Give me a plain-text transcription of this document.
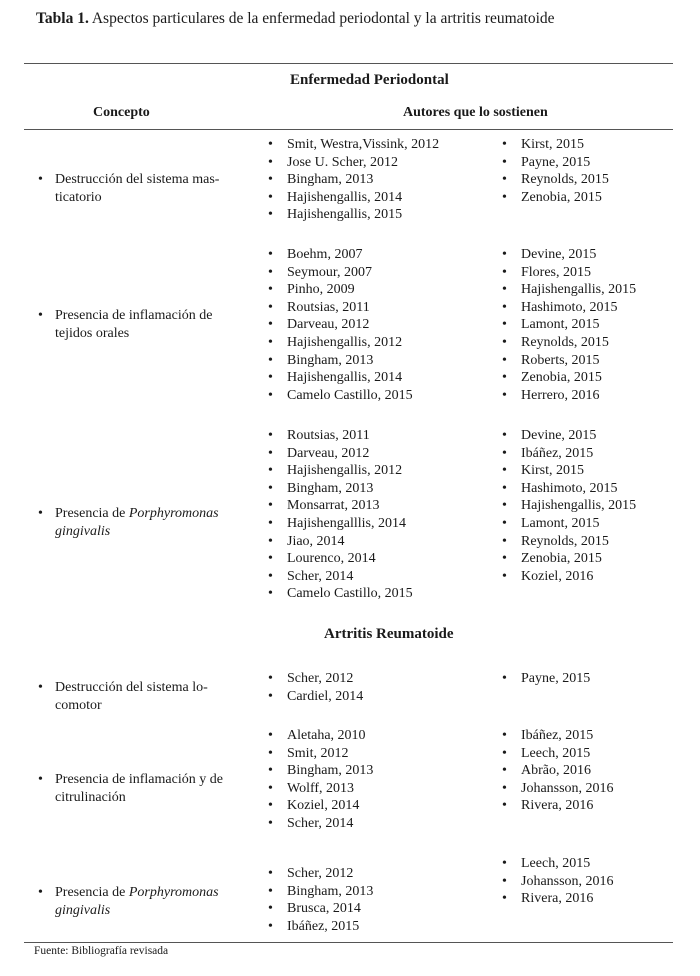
Tabla 1. Aspectos particulares de la enfermedad periodontal y la artritis reumatoide
Enfermedad Periodontal
Concepto	Autores que lo sostienen
Artritis Reumatoide
• Destrucción del sistema mas-
ticatorio
• Smit, Westra,Vissink, 2012
• Jose U. Scher, 2012
• Bingham, 2013
• Hajishengallis, 2014
• Hajishengallis, 2015
• Kirst, 2015
• Payne, 2015
• Reynolds, 2015
• Zenobia, 2015
• Presencia de inflamación de
tejidos orales
• Boehm, 2007
• Seymour, 2007
• Pinho, 2009
• Routsias, 2011
• Darveau, 2012
• Hajishengallis, 2012
• Bingham, 2013
• Hajishengallis, 2014
• Camelo Castillo, 2015
• Devine, 2015
• Flores, 2015
• Hajishengallis, 2015
• Hashimoto, 2015
• Lamont, 2015
• Reynolds, 2015
• Roberts, 2015
• Zenobia, 2015
• Herrero, 2016
• Presencia de Porphyromonas
gingivalis
• Routsias, 2011
• Darveau, 2012
• Hajishengallis, 2012
• Bingham, 2013
• Monsarrat, 2013
• Hajishengalllis, 2014
• Jiao, 2014
• Lourenco, 2014
• Scher, 2014
• Camelo Castillo, 2015
• Devine, 2015
• Ibáñez, 2015
• Kirst, 2015
• Hashimoto, 2015
• Hajishengallis, 2015
• Lamont, 2015
• Reynolds, 2015
• Zenobia, 2015
• Koziel, 2016
• Destrucción del sistema lo-
comotor
• Scher, 2012
• Cardiel, 2014
• Payne, 2015
• Presencia de inflamación y de
citrulinación
• Aletaha, 2010
• Smit, 2012
• Bingham, 2013
• Wolff, 2013
• Koziel, 2014
• Scher, 2014
• Ibáñez, 2015
• Leech, 2015
• Abrão, 2016
• Johansson, 2016
• Rivera, 2016
• Presencia de Porphyromonas
gingivalis
• Scher, 2012
• Bingham, 2013
• Brusca, 2014
• Ibáñez, 2015
• Leech, 2015
• Johansson, 2016
• Rivera, 2016
Fuente: Bibliografía revisada
